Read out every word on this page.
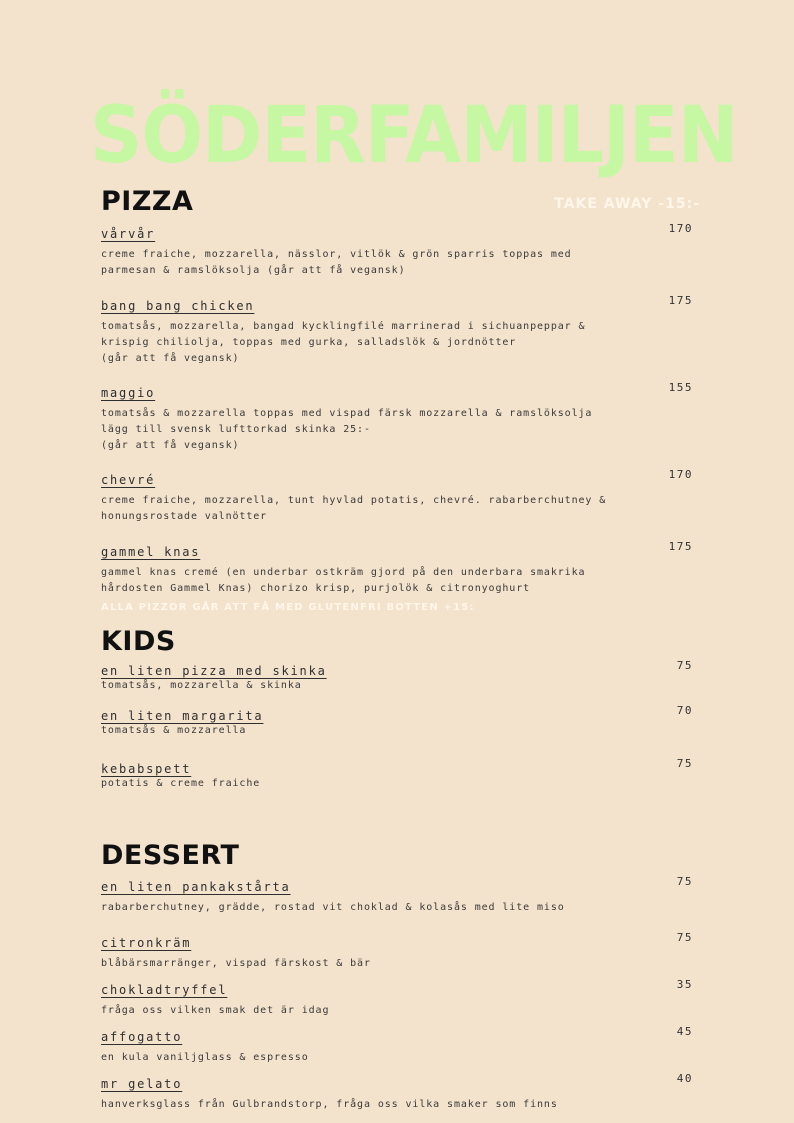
SÖDERFAMILJEN
PIZZA	TAKE AWAY -15:-
vårvår	170
creme fraiche, mozzarella, nässlor, vitlök & grön sparris toppas med
parmesan & ramslöksolja (går att få vegansk)
bang bang chicken	175
tomatsås, mozzarella, bangad kycklingfilé marrinerad i sichuanpeppar &
krispig chiliolja, toppas med gurka, salladslök & jordnötter
(går att få vegansk)
maggio	155
tomatsås & mozzarella toppas med vispad färsk mozzarella & ramslöksolja
lägg till svensk lufttorkad skinka 25:-
(går att få vegansk)
chevré	170
creme fraiche, mozzarella, tunt hyvlad potatis, chevré. rabarberchutney &
honungsrostade valnötter
gammel knas	175
gammel knas cremé (en underbar ostkräm gjord på den underbara smakrika
hårdosten Gammel Knas) chorizo krisp, purjolök & citronyoghurt
ALLA PIZZOR GÅR ATT FÅ MED GLUTENFRI BOTTEN +15:
KIDS
en liten pizza med skinka	75
tomatsås, mozzarella & skinka
en liten margarita	70
tomatsås & mozzarella
kebabspett	75
potatis & creme fraiche
DESSERT
en liten pankakstårta	75
rabarberchutney, grädde, rostad vit choklad & kolasås med lite miso
citronkräm	75
blåbärsmarränger, vispad färskost & bär
chokladtryffel	35
fråga oss vilken smak det är idag
affogatto	45
en kula vaniljglass & espresso
mr gelato	40
hanverksglass från Gulbrandstorp, fråga oss vilka smaker som finns
